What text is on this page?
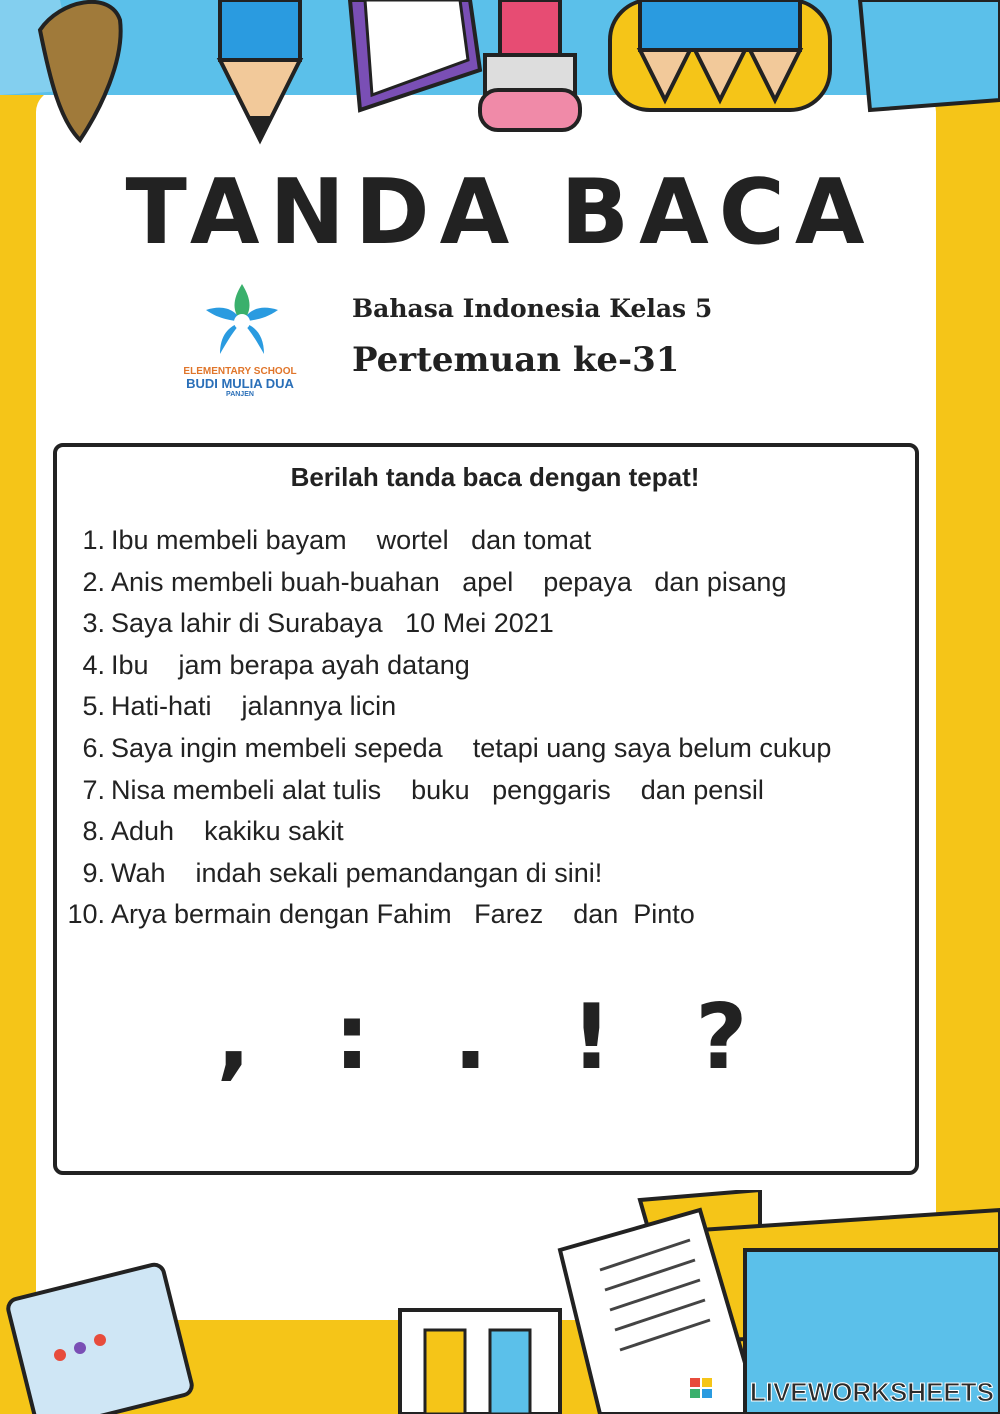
TANDA BACA
ELEMENTARY SCHOOL
BUDI MULIA DUA
PANJEN
Bahasa Indonesia Kelas 5
Pertemuan ke-31
Berilah tanda baca dengan tepat!
1. Ibu membeli bayam    wortel   dan tomat
2. Anis membeli buah-buahan   apel    pepaya   dan pisang
3. Saya lahir di Surabaya   10 Mei 2021
4. Ibu    jam berapa ayah datang
5. Hati-hati    jalannya licin
6. Saya ingin membeli sepeda    tetapi uang saya belum cukup
7. Nisa membeli alat tulis    buku   penggaris    dan pensil
8. Aduh    kakiku sakit
9. Wah    indah sekali pemandangan di sini!
10. Arya bermain dengan Fahim   Farez    dan  Pinto
, : . ! ?
LIVEWORKSHEETS
